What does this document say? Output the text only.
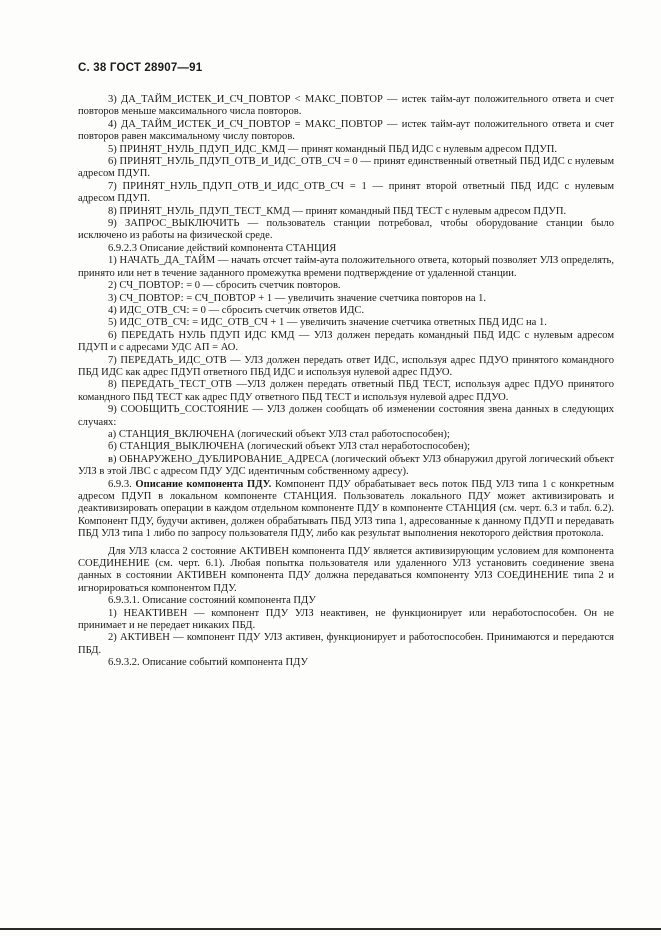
С. 38 ГОСТ 28907—91

3) ДА_ТАЙМ_ИСТЕК_И_СЧ_ПОВТОР < МАКС_ПОВТОР — истек тайм-аут положительного ответа и счет повторов меньше максимального числа повторов.

4) ДА_ТАЙМ_ИСТЕК_И_СЧ_ПОВТОР = МАКС_ПОВТОР — истек тайм-аут положительного ответа и счет повторов равен максимальному числу повторов.

5) ПРИНЯТ_НУЛЬ_ПДУП_ИДС_КМД — принят командный ПБД ИДС с нулевым адресом ПДУП.

6) ПРИНЯТ_НУЛЬ_ПДУП_ОТВ_И_ИДС_ОТВ_СЧ = 0 — принят единственный ответный ПБД ИДС с нулевым адресом ПДУП.

7) ПРИНЯТ_НУЛЬ_ПДУП_ОТВ_И_ИДС_ОТВ_СЧ = 1 — принят второй ответный ПБД ИДС с нулевым адресом ПДУП.

8) ПРИНЯТ_НУЛЬ_ПДУП_ТЕСТ_КМД — принят командный ПБД ТЕСТ с нулевым адресом ПДУП.

9) ЗАПРОС_ВЫКЛЮЧИТЬ — пользователь станции потребовал, чтобы оборудование станции было исключено из работы на физической среде.

6.9.2.3 Описание действий компонента СТАНЦИЯ

1) НАЧАТЬ_ДА_ТАЙМ — начать отсчет тайм-аута положительного ответа, который позволяет УЛЗ определять, принято или нет в течение заданного промежутка времени подтверждение от удаленной станции.

2) СЧ_ПОВТОР: = 0 — сбросить счетчик повторов.

3) СЧ_ПОВТОР: = СЧ_ПОВТОР + 1 — увеличить значение счетчика повторов на 1.

4) ИДС_ОТВ_СЧ: = 0 — сбросить счетчик ответов ИДС.

5) ИДС_ОТВ_СЧ: = ИДС_ОТВ_СЧ + 1 — увеличить значение счетчика ответных ПБД ИДС на 1.

6) ПЕРЕДАТЬ НУЛЬ ПДУП ИДС КМД — УЛЗ должен передать командный ПБД ИДС с нулевым адресом ПДУП и с адресами УДС АП = АО.

7) ПЕРЕДАТЬ_ИДС_ОТВ — УЛЗ должен передать ответ ИДС, используя адрес ПДУО принятого командного ПБД ИДС как адрес ПДУП ответного ПБД ИДС и используя нулевой адрес ПДУО.

8) ПЕРЕДАТЬ_ТЕСТ_ОТВ —УЛЗ должен передать ответный ПБД ТЕСТ, используя адрес ПДУО принятого командного ПБД ТЕСТ как адрес ПДУ ответного ПБД ТЕСТ и используя нулевой адрес ПДУО.

9) СООБЩИТЬ_СОСТОЯНИЕ — УЛЗ должен сообщать об изменении состояния звена данных в следующих случаях:

а) СТАНЦИЯ_ВКЛЮЧЕНА (логический объект УЛЗ стал работоспособен);

б) СТАНЦИЯ_ВЫКЛЮЧЕНА (логический объект УЛЗ стал неработоспособен);

в) ОБНАРУЖЕНО_ДУБЛИРОВАНИЕ_АДРЕСА (логический объект УЛЗ обнаружил другой логический объект УЛЗ в этой ЛВС с адресом ПДУ УДС идентичным собственному адресу).

6.9.3. Описание компонента ПДУ. Компонент ПДУ обрабатывает весь поток ПБД УЛЗ типа 1 с конкретным адресом ПДУП в локальном компоненте СТАНЦИЯ. Пользователь локального ПДУ может активизировать и деактивизировать операции в каждом отдельном компоненте ПДУ в компоненте СТАНЦИЯ (см. черт. 6.3 и табл. 6.2). Компонент ПДУ, будучи активен, должен обрабатывать ПБД УЛЗ типа 1, адресованные к данному ПДУП и передавать ПБД УЛЗ типа 1 либо по запросу пользователя ПДУ, либо как результат выполнения некоторого действия протокола.

Для УЛЗ класса 2 состояние АКТИВЕН компонента ПДУ является активизирующим условием для компонента СОЕДИНЕНИЕ (см. черт. 6.1). Любая попытка пользователя или удаленного УЛЗ установить соединение звена данных в состоянии АКТИВЕН компонента ПДУ должна передаваться компоненту УЛЗ СОЕДИНЕНИЕ типа 2 и игнорироваться компонентом ПДУ.

6.9.3.1. Описание состояний компонента ПДУ

1) НЕАКТИВЕН — компонент ПДУ УЛЗ неактивен, не функционирует или неработоспособен. Он не принимает и не передает никаких ПБД.

2) АКТИВЕН — компонент ПДУ УЛЗ активен, функционирует и работоспособен. Принимаются и передаются ПБД.

6.9.3.2. Описание событий компонента ПДУ
